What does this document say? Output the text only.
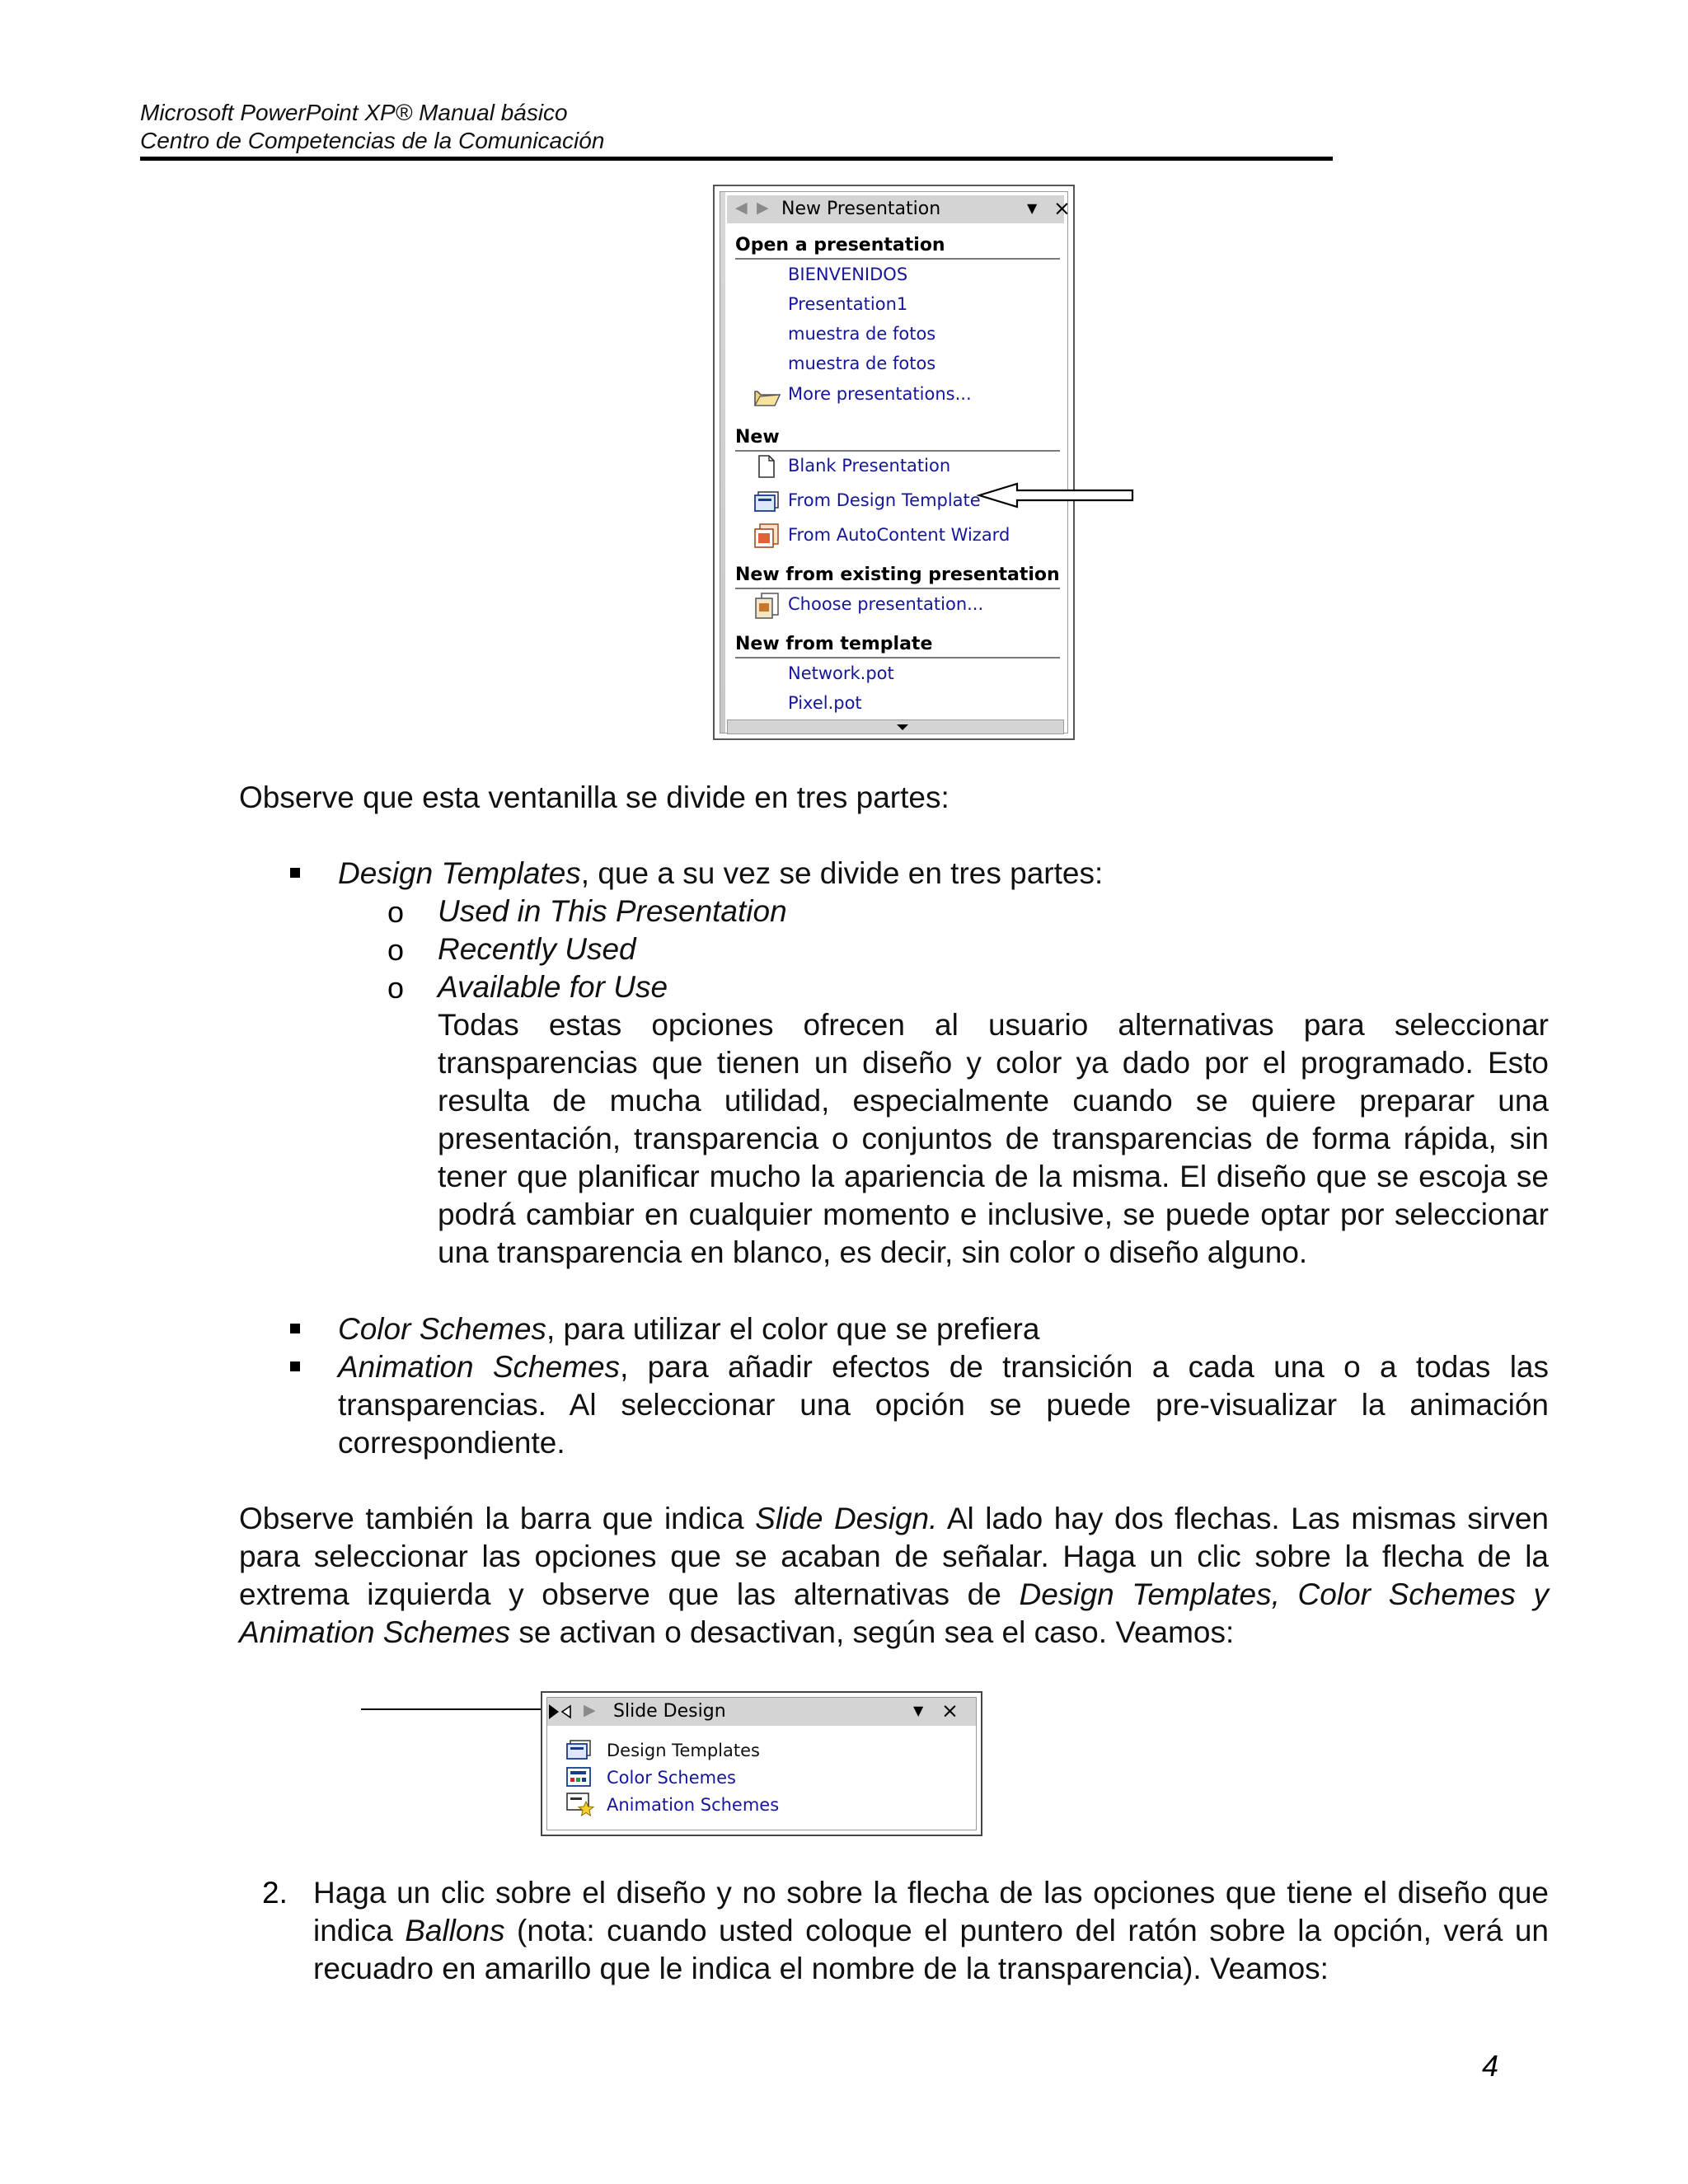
Microsoft PowerPoint XP® Manual básico
Centro de Competencias de la Comunicación
◀ ▶ New Presentation	▼ ×
Open a presentation
BIENVENIDOS
Presentation1
muestra de fotos
muestra de fotos
More presentations...
New
Blank Presentation
From Design Template
From AutoContent Wizard
New from existing presentation
Choose presentation...
New from template
Network.pot
Pixel.pot
Observe que esta ventanilla se divide en tres partes:
Design Templates, que a su vez se divide en tres partes:
o Used in This Presentation
o Recently Used
o Available for Use
Todas estas opciones ofrecen al usuario alternativas para seleccionar transparencias que tienen un diseño y color ya dado por el programado. Esto resulta de mucha utilidad, especialmente cuando se quiere preparar una presentación, transparencia o conjuntos de transparencias de forma rápida, sin tener que planificar mucho la apariencia de la misma. El diseño que se escoja se podrá cambiar en cualquier momento e inclusive, se puede optar por seleccionar una transparencia en blanco, es decir, sin color o diseño alguno.
Color Schemes, para utilizar el color que se prefiera
Animation Schemes, para añadir efectos de transición a cada una o a todas las transparencias. Al seleccionar una opción se puede pre-visualizar la animación correspondiente.
Observe también la barra que indica Slide Design. Al lado hay dos flechas. Las mismas sirven para seleccionar las opciones que se acaban de señalar. Haga un clic sobre la flecha de la extrema izquierda y observe que las alternativas de Design Templates, Color Schemes y Animation Schemes se activan o desactivan, según sea el caso. Veamos:
▶ Slide Design	▼ ×
Design Templates
Color Schemes
Animation Schemes
2. Haga un clic sobre el diseño y no sobre la flecha de las opciones que tiene el diseño que indica Ballons (nota: cuando usted coloque el puntero del ratón sobre la opción, verá un recuadro en amarillo que le indica el nombre de la transparencia). Veamos:
4
